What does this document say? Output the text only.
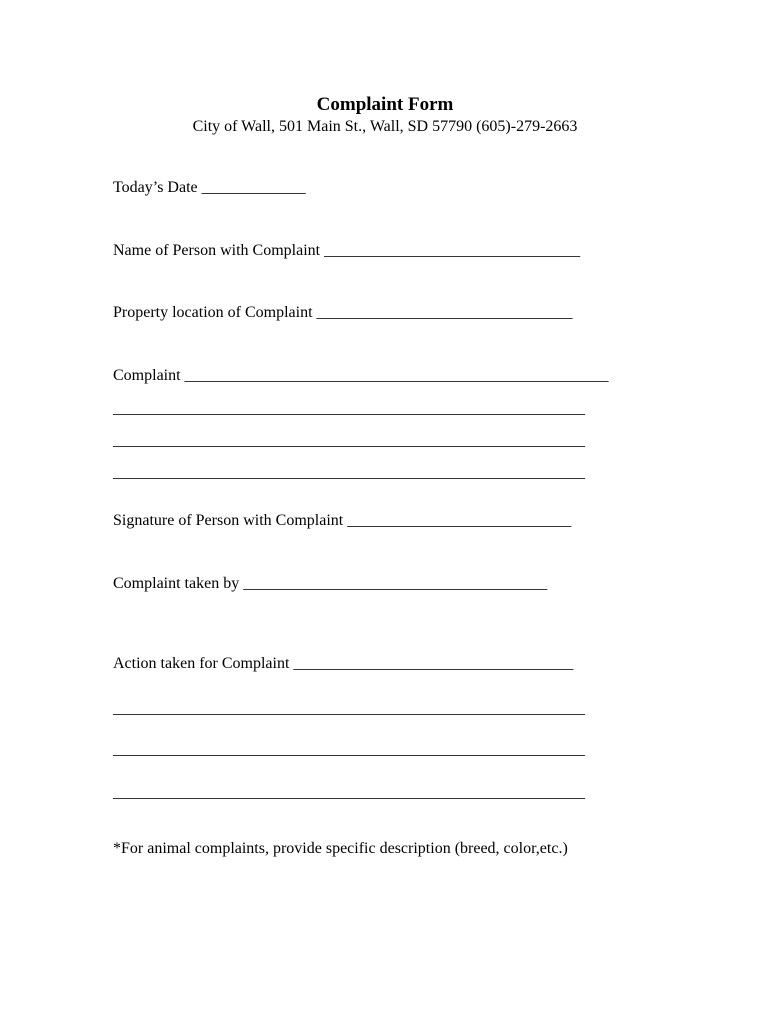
Complaint Form
City of Wall, 501 Main St., Wall, SD 57790 (605)-279-2663
Today’s Date _____________
Name of Person with Complaint ________________________________
Property location of Complaint ________________________________
Complaint _____________________________________________________
___________________________________________________________
___________________________________________________________
___________________________________________________________
Signature of Person with Complaint ____________________________
Complaint taken by ______________________________________
Action taken for Complaint ___________________________________
___________________________________________________________
___________________________________________________________
___________________________________________________________
*For animal complaints, provide specific description (breed, color,etc.)
